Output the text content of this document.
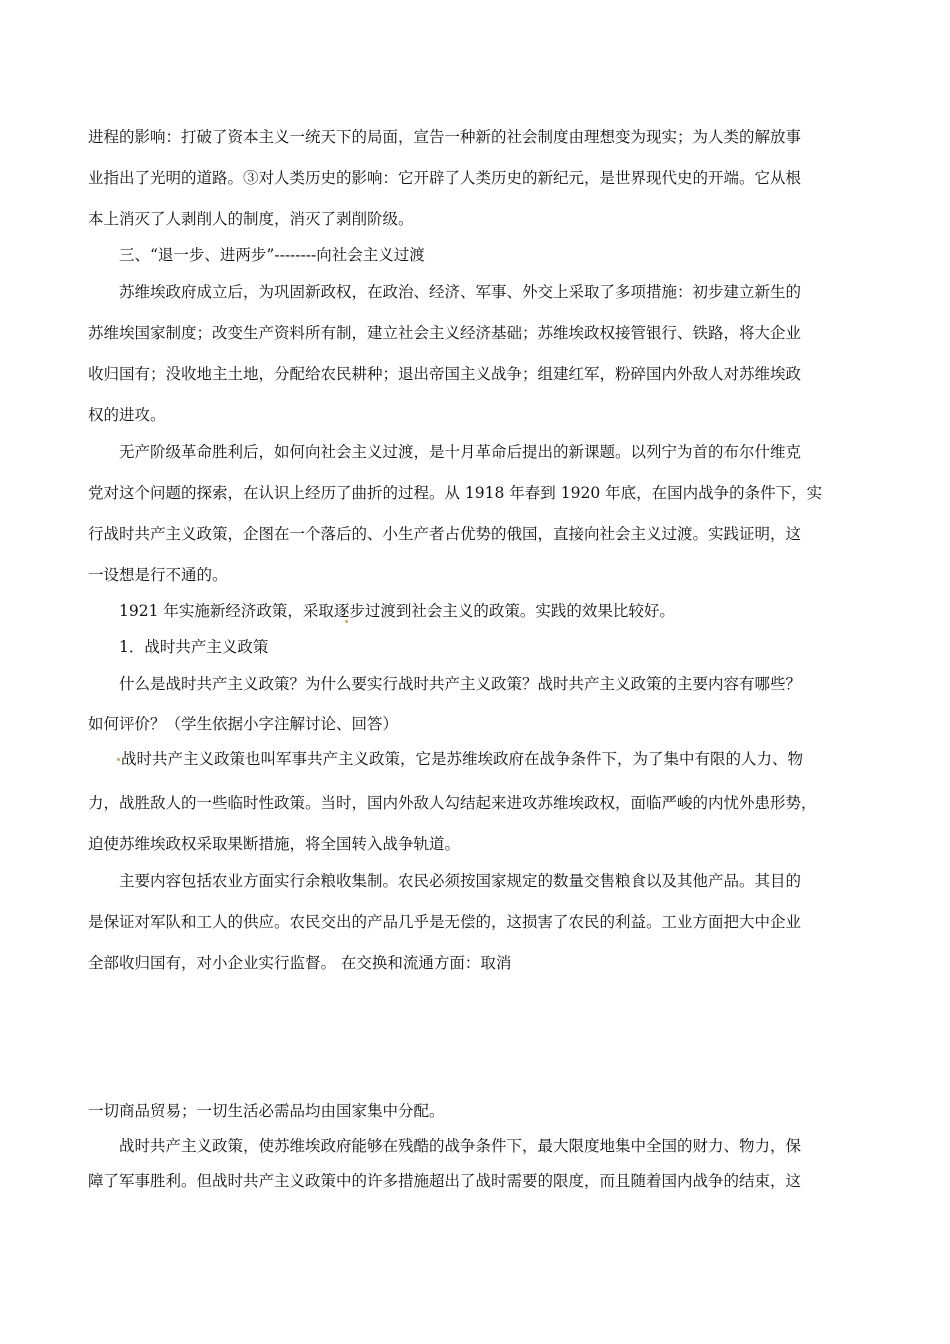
进程的影响：打破了资本主义一统天下的局面，宣告一种新的社会制度由理想变为现实；为人类的解放事
业指出了光明的道路。③对人类历史的影响：它开辟了人类历史的新纪元，是世界现代史的开端。它从根
本上消灭了人剥削人的制度，消灭了剥削阶级。
三、“退一步、进两步”--------向社会主义过渡
苏维埃政府成立后，为巩固新政权，在政治、经济、军事、外交上采取了多项措施：初步建立新生的
苏维埃国家制度；改变生产资料所有制，建立社会主义经济基础；苏维埃政权接管银行、铁路，将大企业
收归国有；没收地主土地，分配给农民耕种；退出帝国主义战争；组建红军，粉碎国内外敌人对苏维埃政
权的进攻。
无产阶级革命胜利后，如何向社会主义过渡，是十月革命后提出的新课题。以列宁为首的布尔什维克
党对这个问题的探索，在认识上经历了曲折的过程。从 1918 年春到 1920 年底，在国内战争的条件下，实
行战时共产主义政策，企图在一个落后的、小生产者占优势的俄国，直接向社会主义过渡。实践证明，这
一设想是行不通的。
1921 年实施新经济政策，采取逐步过渡到社会主义的政策。实践的效果比较好。
1．战时共产主义政策
什么是战时共产主义政策？为什么要实行战时共产主义政策？战时共产主义政策的主要内容有哪些？
如何评价？（学生依据小字注解讨论、回答）
战时共产主义政策也叫军事共产主义政策，它是苏维埃政府在战争条件下，为了集中有限的人力、物
力，战胜敌人的一些临时性政策。当时，国内外敌人勾结起来进攻苏维埃政权，面临严峻的内忧外患形势，
迫使苏维埃政权采取果断措施，将全国转入战争轨道。
主要内容包括农业方面实行余粮收集制。农民必须按国家规定的数量交售粮食以及其他产品。其目的
是保证对军队和工人的供应。农民交出的产品几乎是无偿的，这损害了农民的利益。工业方面把大中企业
全部收归国有，对小企业实行监督。 在交换和流通方面：取消
一切商品贸易；一切生活必需品均由国家集中分配。
战时共产主义政策，使苏维埃政府能够在残酷的战争条件下，最大限度地集中全国的财力、物力，保
障了军事胜利。但战时共产主义政策中的许多措施超出了战时需要的限度，而且随着国内战争的结束，这
